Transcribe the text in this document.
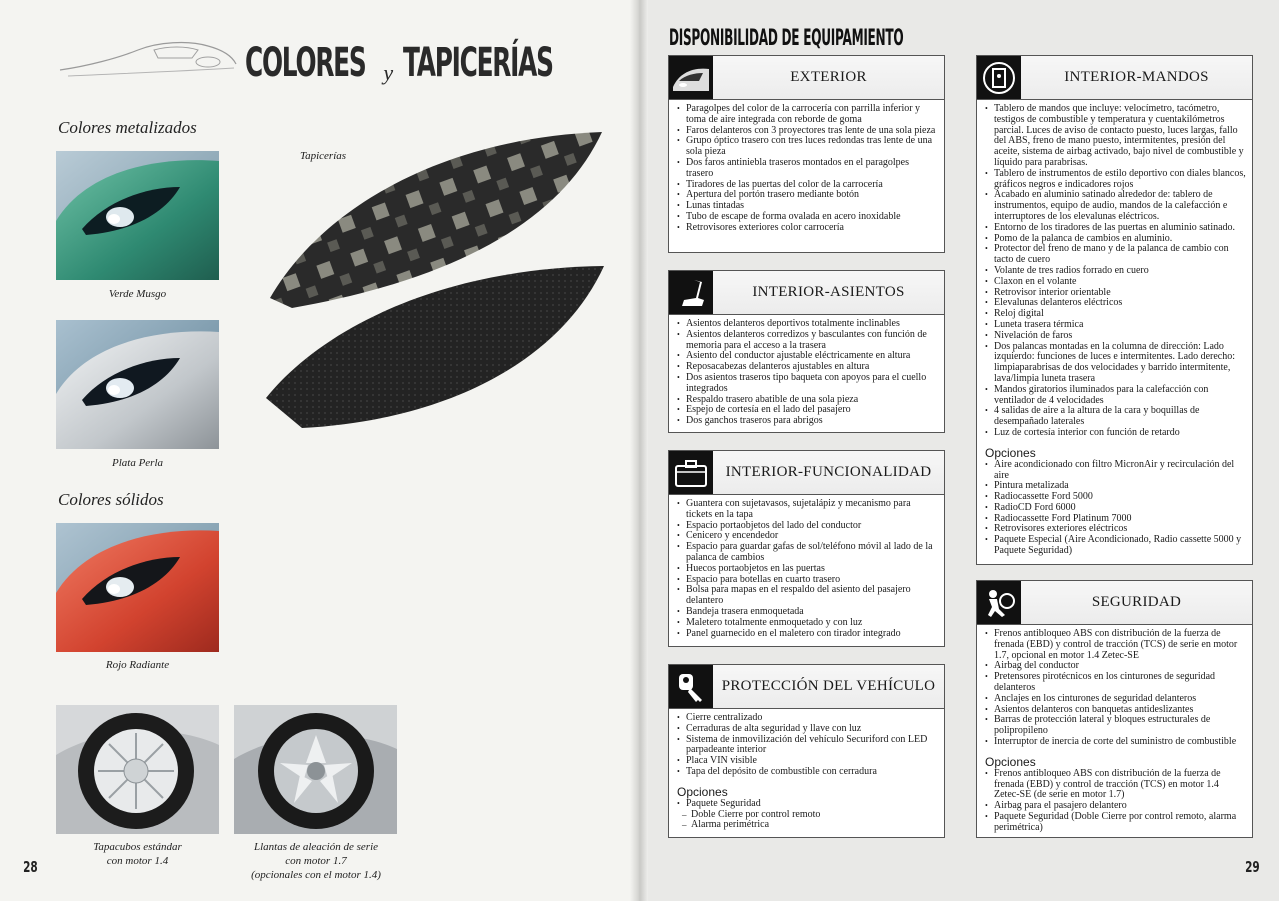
COLORES y TAPICERÍAS
Colores metalizados
Verde Musgo
Plata Perla
Colores sólidos
Rojo Radiante
Tapacubos estándar
con motor 1.4
Llantas de aleación de serie
con motor 1.7
(opcionales con el motor 1.4)
Tapicerías
28
DISPONIBILIDAD DE EQUIPAMIENTO
EXTERIOR
• Paragolpes del color de la carrocería con parrilla inferior y toma de aire integrada con reborde de goma
• Faros delanteros con 3 proyectores tras lente de una sola pieza
• Grupo óptico trasero con tres luces redondas tras lente de una sola pieza
• Dos faros antiniebla traseros montados en el paragolpes trasero
• Tiradores de las puertas del color de la carrocería
• Apertura del portón trasero mediante botón
• Lunas tintadas
• Tubo de escape de forma ovalada en acero inoxidable
• Retrovisores exteriores color carrocería
INTERIOR-ASIENTOS
• Asientos delanteros deportivos totalmente inclinables
• Asientos delanteros corredizos y basculantes con función de memoria para el acceso a la trasera
• Asiento del conductor ajustable eléctricamente en altura
• Reposacabezas delanteros ajustables en altura
• Dos asientos traseros tipo baqueta con apoyos para el cuello integrados
• Respaldo trasero abatible de una sola pieza
• Espejo de cortesía en el lado del pasajero
• Dos ganchos traseros para abrigos
INTERIOR-FUNCIONALIDAD
• Guantera con sujetavasos, sujetalápiz y mecanismo para tickets en la tapa
• Espacio portaobjetos del lado del conductor
• Cenicero y encendedor
• Espacio para guardar gafas de sol/teléfono móvil al lado de la palanca de cambios
• Huecos portaobjetos en las puertas
• Espacio para botellas en cuarto trasero
• Bolsa para mapas en el respaldo del asiento del pasajero delantero
• Bandeja trasera enmoquetada
• Maletero totalmente enmoquetado y con luz
• Panel guarnecido en el maletero con tirador integrado
PROTECCIÓN DEL VEHÍCULO
• Cierre centralizado
• Cerraduras de alta seguridad y llave con luz
• Sistema de inmovilización del vehículo Securiford con LED parpadeante interior
• Placa VIN visible
• Tapa del depósito de combustible con cerradura
Opciones
• Paquete Seguridad
– Doble Cierre por control remoto
– Alarma perimétrica
INTERIOR-MANDOS
• Tablero de mandos que incluye: velocímetro, tacómetro, testigos de combustible y temperatura y cuentakilómetros parcial. Luces de aviso de contacto puesto, luces largas, fallo del ABS, freno de mano puesto, intermitentes, presión del aceite, sistema de airbag activado, bajo nivel de combustible y líquido para parabrisas.
• Tablero de instrumentos de estilo deportivo con diales blancos, gráficos negros e indicadores rojos
• Acabado en aluminio satinado alrededor de: tablero de instrumentos, equipo de audio, mandos de la calefacción e interruptores de los elevalunas eléctricos.
• Entorno de los tiradores de las puertas en aluminio satinado.
• Pomo de la palanca de cambios en aluminio.
• Protector del freno de mano y de la palanca de cambio con tacto de cuero
• Volante de tres radios forrado en cuero
• Claxon en el volante
• Retrovisor interior orientable
• Elevalunas delanteros eléctricos
• Reloj digital
• Luneta trasera térmica
• Nivelación de faros
• Dos palancas montadas en la columna de dirección: Lado izquierdo: funciones de luces e intermitentes. Lado derecho: limpiaparabrisas de dos velocidades y barrido intermitente, lava/limpia luneta trasera
• Mandos giratorios iluminados para la calefacción con ventilador de 4 velocidades
• 4 salidas de aire a la altura de la cara y boquillas de desempañado laterales
• Luz de cortesía interior con función de retardo
Opciones
• Aire acondicionado con filtro MicronAir y recirculación del aire
• Pintura metalizada
• Radiocassette Ford 5000
• RadioCD Ford 6000
• Radiocassette Ford Platinum 7000
• Retrovisores exteriores eléctricos
• Paquete Especial (Aire Acondicionado, Radio cassette 5000 y Paquete Seguridad)
SEGURIDAD
• Frenos antibloqueo ABS con distribución de la fuerza de frenada (EBD) y control de tracción (TCS) de serie en motor 1.7, opcional en motor 1.4 Zetec-SE
• Airbag del conductor
• Pretensores pirotécnicos en los cinturones de seguridad delanteros
• Anclajes en los cinturones de seguridad delanteros
• Asientos delanteros con banquetas antideslizantes
• Barras de protección lateral y bloques estructurales de polipropileno
• Interruptor de inercia de corte del suministro de combustible
Opciones
• Frenos antibloqueo ABS con distribución de la fuerza de frenada (EBD) y control de tracción (TCS) en motor 1.4 Zetec-SE (de serie en motor 1.7)
• Airbag para el pasajero delantero
• Paquete Seguridad (Doble Cierre por control remoto, alarma perimétrica)
29
